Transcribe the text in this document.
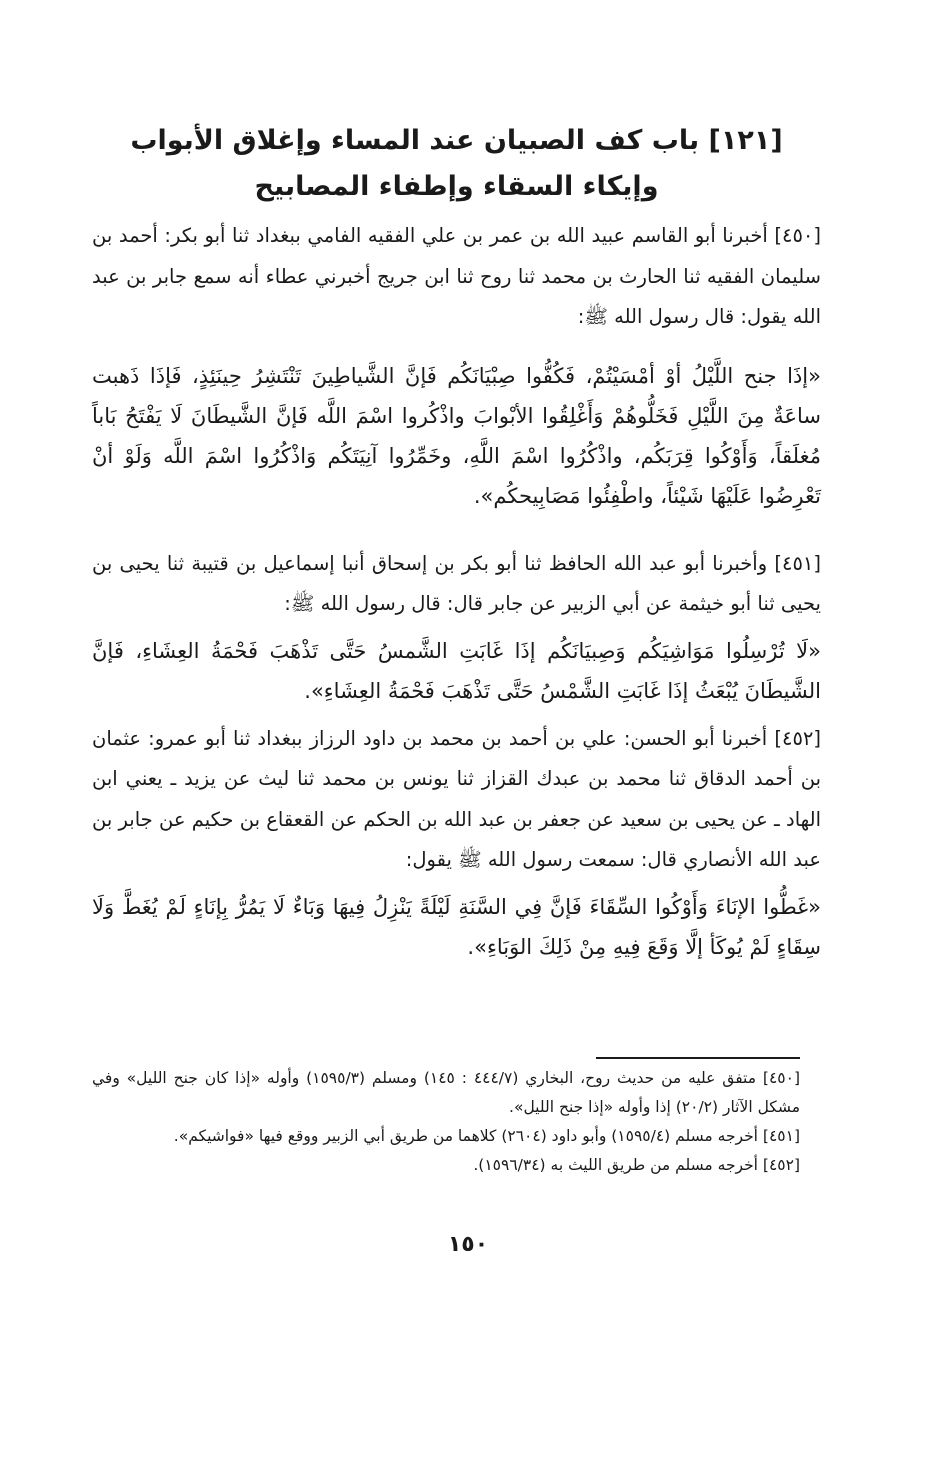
[١٢١] باب كف الصبيان عند المساء وإغلاق الأبواب
وإيكاء السقاء وإطفاء المصابيح

[٤٥٠] أخبرنا أبو القاسم عبيد الله بن عمر بن علي الفقيه الفامي ببغداد ثنا أبو بكر: أحمد بن سليمان الفقيه ثنا الحارث بن محمد ثنا روح ثنا ابن جريج أخبرني عطاء أنه سمع جابر بن عبد الله يقول: قال رسول الله ﷺ:

«إذَا جنح اللَّيْلُ أوْ أمْسَيْتُمْ، فَكُفُّوا صِبْيَانَكُم فَإنَّ الشَّياطِينَ تَنْتَشِرُ حِينَئِذٍ، فَإذَا ذَهبت ساعَةٌ مِنَ اللَّيْلِ فَخَلُّوهُمْ وَأَغْلِقُوا الأبْوابَ واذْكُروا اسْمَ اللَّه فَإنَّ الشَّيطَانَ لَا يَفْتَحُ بَاباً مُغلَقاً، وَأَوْكُوا قِرَبَكُم، واذْكُرُوا اسْمَ اللَّهِ، وخَمِّرُوا آنِيَتَكُم وَاذْكُرُوا اسْمَ اللَّه وَلَوْ أنْ تَعْرِضُوا عَلَيْهَا شَيْئاً، واطْفِئُوا مَصَابِيحكُم».

[٤٥١] وأخبرنا أبو عبد الله الحافظ ثنا أبو بكر بن إسحاق أنبا إسماعيل بن قتيبة ثنا يحيى بن يحيى ثنا أبو خيثمة عن أبي الزبير عن جابر قال: قال رسول الله ﷺ:

«لَا تُرْسِلُوا مَوَاشِيَكُم وَصِبيَانَكُم إذَا غَابَتِ الشَّمسُ حَتَّى تَذْهَبَ فَحْمَةُ العِشَاءِ، فَإنَّ الشَّيطَانَ يُبْعَثُ إذَا غَابَتِ الشَّمْسُ حَتَّى تَذْهَبَ فَحْمَةُ العِشَاءِ».

[٤٥٢] أخبرنا أبو الحسن: علي بن أحمد بن محمد بن داود الرزاز ببغداد ثنا أبو عمرو: عثمان بن أحمد الدقاق ثنا محمد بن عبدك القزاز ثنا يونس بن محمد ثنا ليث عن يزيد ـ يعني ابن الهاد ـ عن يحيى بن سعيد عن جعفر بن عبد الله بن الحكم عن القعقاع بن حكيم عن جابر بن عبد الله الأنصاري قال: سمعت رسول الله ﷺ يقول:

«غَطُّوا الإنَاءَ وَأَوْكُوا السِّقَاءَ فَإنَّ فِي السَّنَةِ لَيْلَةً يَنْزِلُ فِيهَا وَبَاءٌ لَا يَمُرُّ بِإنَاءٍ لَمْ يُغَطَّ وَلَا سِقَاءٍ لَمْ يُوكَأ إلَّا وَقَعَ فِيهِ مِنْ ذَلِكَ الوَبَاءِ».

[٤٥٠] متفق عليه من حديث روح، البخاري (٤٤٤/٧ : ١٤٥) ومسلم (١٥٩٥/٣) وأوله «إذا كان جنح الليل» وفي مشكل الآثار (٢٠/٢) إذا وأوله «إذا جنح الليل».

[٤٥١] أخرجه مسلم (١٥٩٥/٤) وأبو داود (٢٦٠٤) كلاهما من طريق أبي الزبير ووقع فيها «فواشيكم».

[٤٥٢] أخرجه مسلم من طريق الليث به (١٥٩٦/٣٤).

١٥٠
